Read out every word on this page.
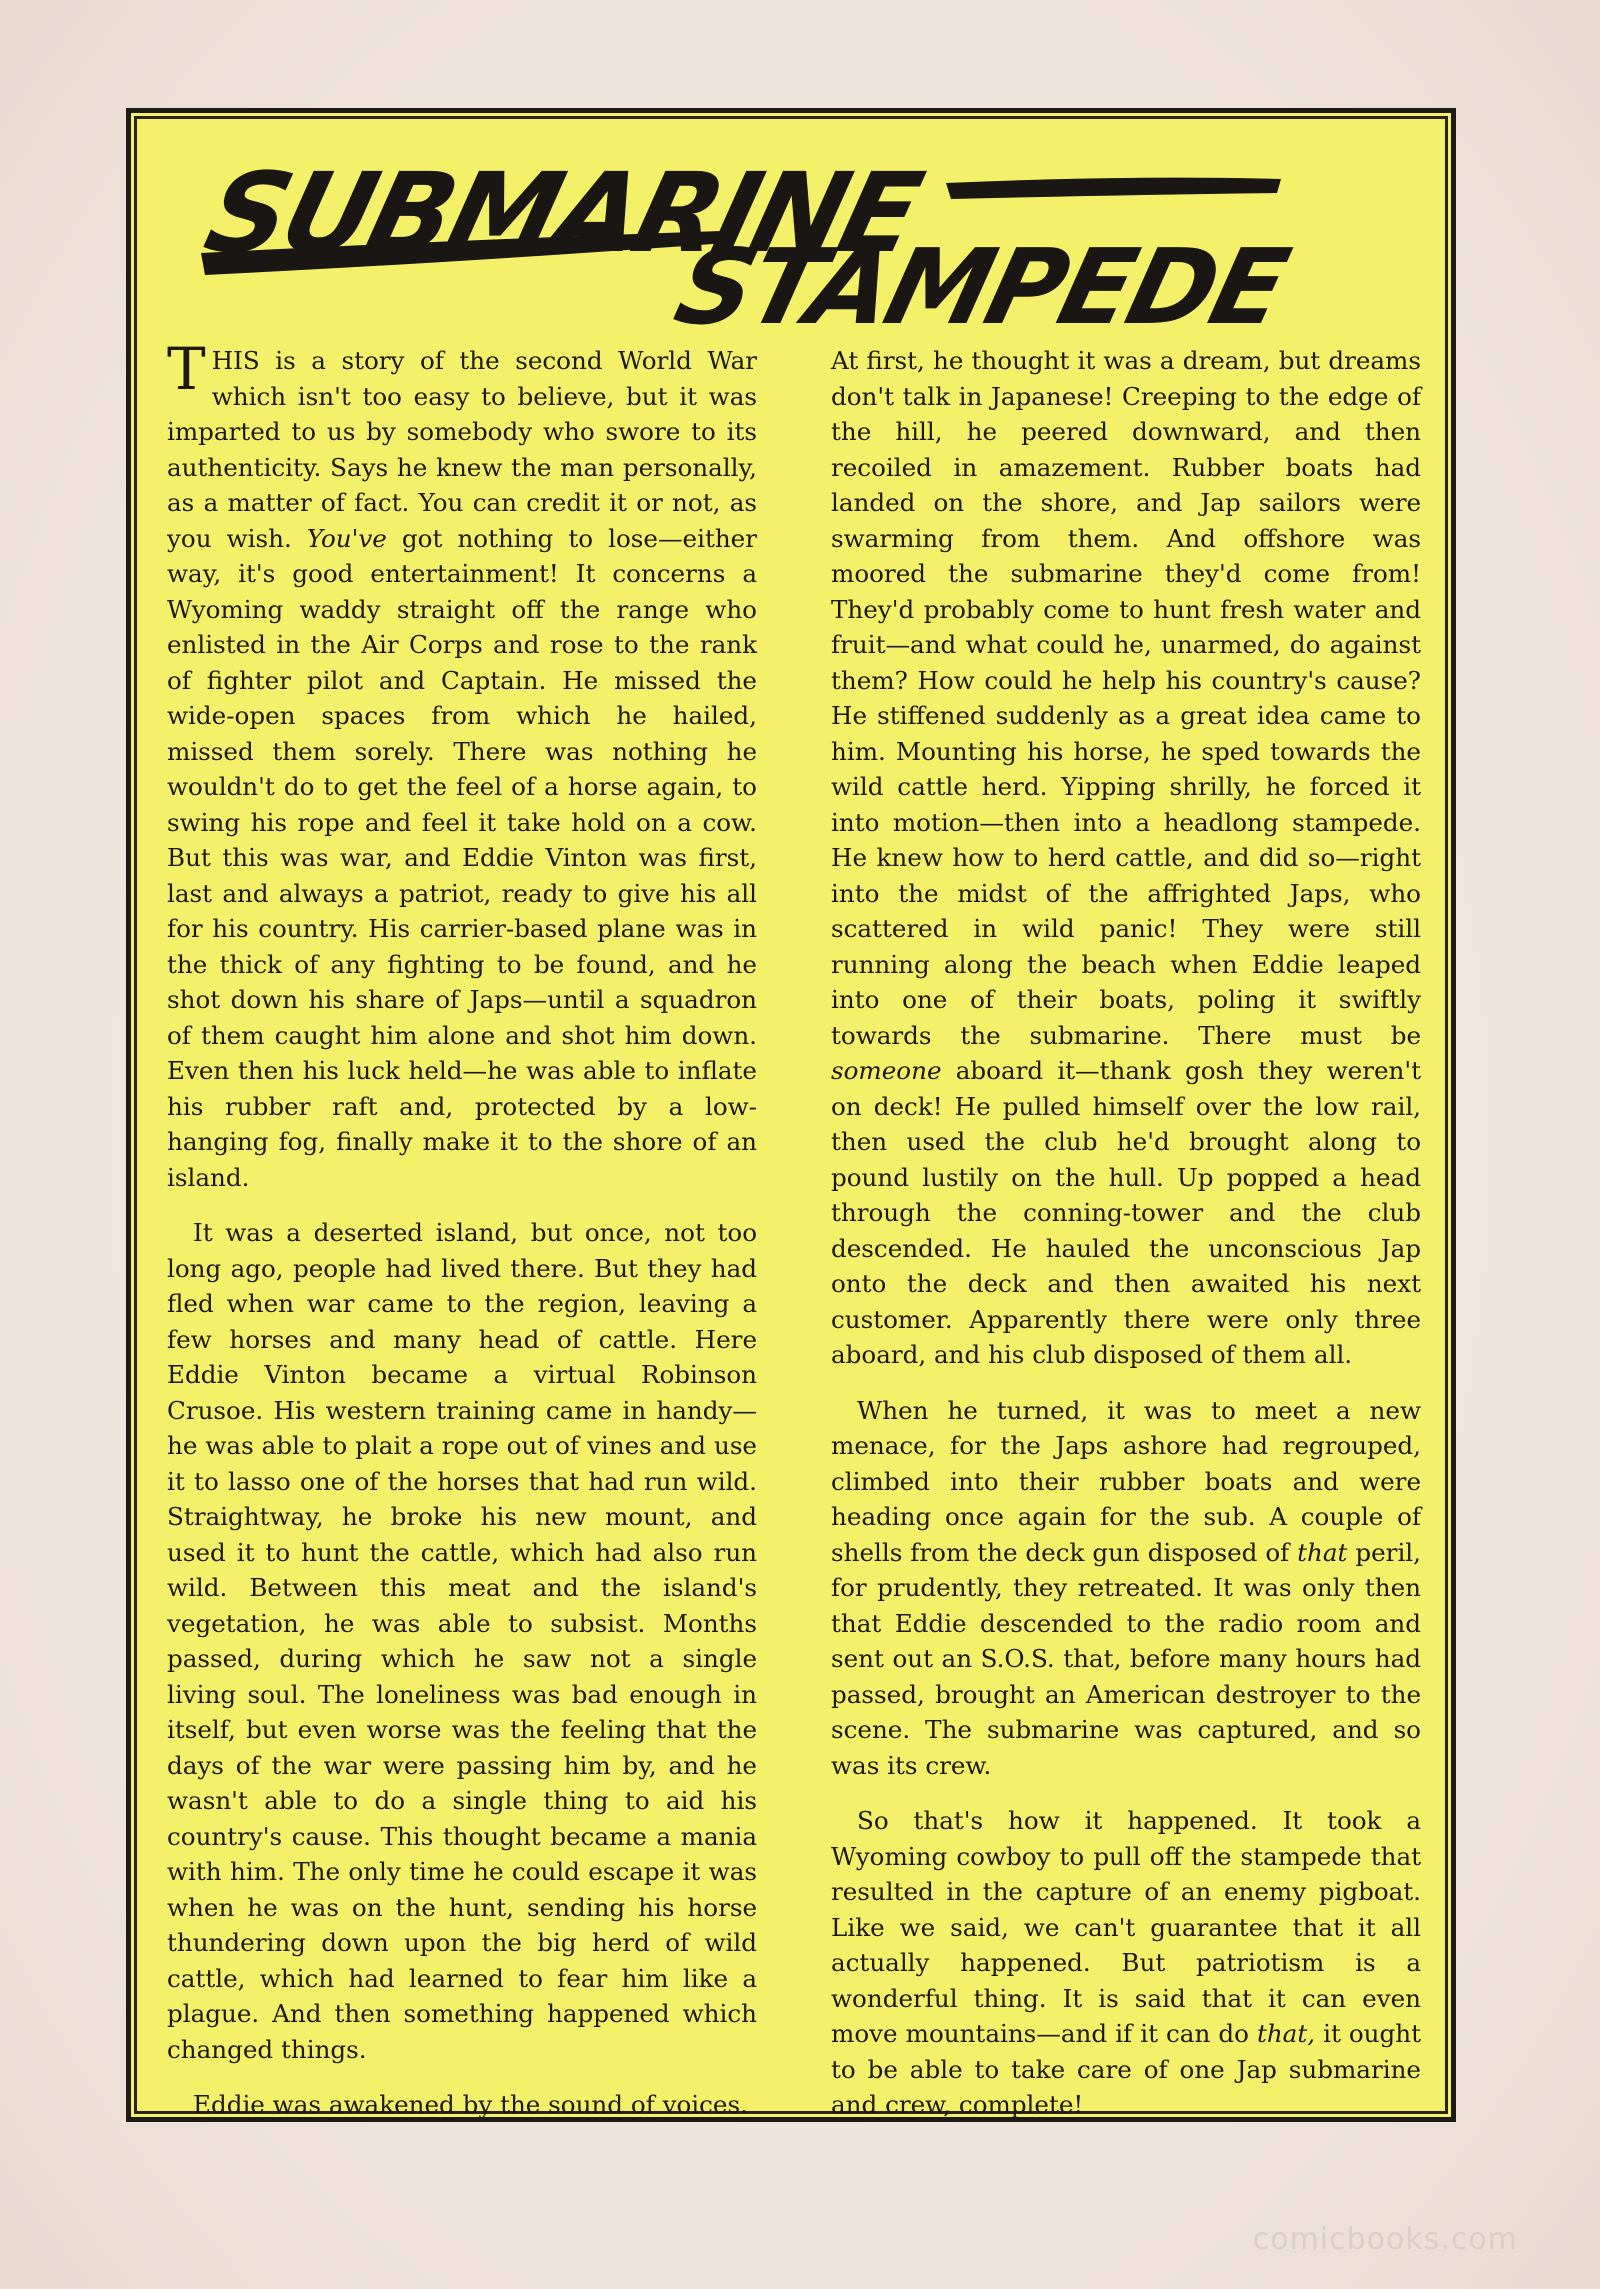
SUBMARINE
STAMPEDE

THIS is a story of the second World War which isn't too easy to believe, but it was imparted to us by somebody who swore to its authenticity. Says he knew the man personally, as a matter of fact. You can credit it or not, as you wish. You've got nothing to lose—either way, it's good entertainment! It concerns a Wyoming waddy straight off the range who enlisted in the Air Corps and rose to the rank of fighter pilot and Captain. He missed the wide-open spaces from which he hailed, missed them sorely. There was nothing he wouldn't do to get the feel of a horse again, to swing his rope and feel it take hold on a cow. But this was war, and Eddie Vinton was first, last and always a patriot, ready to give his all for his country. His carrier-based plane was in the thick of any fighting to be found, and he shot down his share of Japs—until a squadron of them caught him alone and shot him down. Even then his luck held—he was able to inflate his rubber raft and, protected by a low-hanging fog, finally make it to the shore of an island.

It was a deserted island, but once, not too long ago, people had lived there. But they had fled when war came to the region, leaving a few horses and many head of cattle. Here Eddie Vinton became a virtual Robinson Crusoe. His western training came in handy—he was able to plait a rope out of vines and use it to lasso one of the horses that had run wild. Straightway, he broke his new mount, and used it to hunt the cattle, which had also run wild. Between this meat and the island's vegetation, he was able to subsist. Months passed, during which he saw not a single living soul. The loneliness was bad enough in itself, but even worse was the feeling that the days of the war were passing him by, and he wasn't able to do a single thing to aid his country's cause. This thought became a mania with him. The only time he could escape it was when he was on the hunt, sending his horse thundering down upon the big herd of wild cattle, which had learned to fear him like a plague. And then something happened which changed things.

Eddie was awakened by the sound of voices.

At first, he thought it was a dream, but dreams don't talk in Japanese! Creeping to the edge of the hill, he peered downward, and then recoiled in amazement. Rubber boats had landed on the shore, and Jap sailors were swarming from them. And offshore was moored the submarine they'd come from! They'd probably come to hunt fresh water and fruit—and what could he, unarmed, do against them? How could he help his country's cause? He stiffened suddenly as a great idea came to him. Mounting his horse, he sped towards the wild cattle herd. Yipping shrilly, he forced it into motion—then into a headlong stampede. He knew how to herd cattle, and did so—right into the midst of the affrighted Japs, who scattered in wild panic! They were still running along the beach when Eddie leaped into one of their boats, poling it swiftly towards the submarine. There must be someone aboard it—thank gosh they weren't on deck! He pulled himself over the low rail, then used the club he'd brought along to pound lustily on the hull. Up popped a head through the conning-tower and the club descended. He hauled the unconscious Jap onto the deck and then awaited his next customer. Apparently there were only three aboard, and his club disposed of them all.

When he turned, it was to meet a new menace, for the Japs ashore had regrouped, climbed into their rubber boats and were heading once again for the sub. A couple of shells from the deck gun disposed of that peril, for prudently, they retreated. It was only then that Eddie descended to the radio room and sent out an S.O.S. that, before many hours had passed, brought an American destroyer to the scene. The submarine was captured, and so was its crew.

So that's how it happened. It took a Wyoming cowboy to pull off the stampede that resulted in the capture of an enemy pigboat. Like we said, we can't guarantee that it all actually happened. But patriotism is a wonderful thing. It is said that it can even move mountains—and if it can do that, it ought to be able to take care of one Jap submarine and crew, complete!

comicbooks.com
